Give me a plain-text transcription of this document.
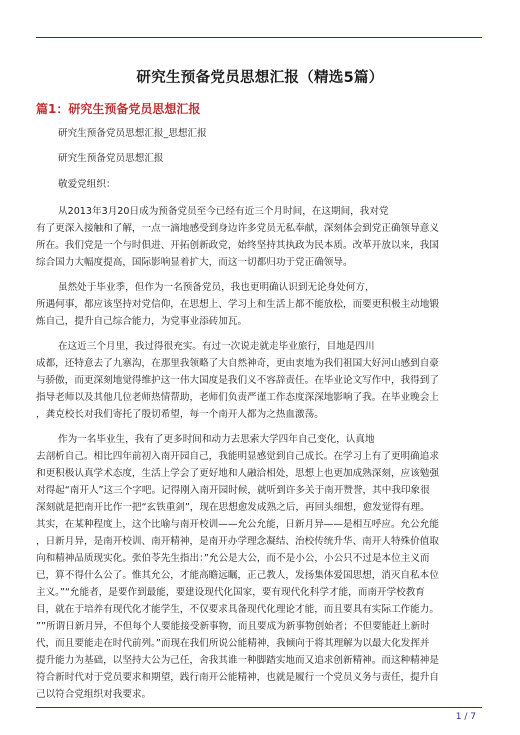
研究生预备党员思想汇报（精选5篇）
篇1：研究生预备党员思想汇报
研究生预备党员思想汇报_思想汇报
研究生预备党员思想汇报
敬爱党组织：
从2013年3月20日成为预备党员至今已经有近三个月时间，在这期间，我对党
有了更深入接触和了解，一点一滴地感受到身边许多党员无私奉献，深刻体会到党正确领导意义
所在。我们党是一个与时俱进、开拓创新政党，始终坚持其执政为民本质。改革开放以来，我国
综合国力大幅度提高，国际影响显着扩大，而这一切都归功于党正确领导。
虽然处于毕业季，但作为一名预备党员，我也更明确认识到无论身处何方，
所遇何事，都应该坚持对党信仰，在思想上、学习上和生活上都不能放松，而要更积极主动地锻
炼自己，提升自己综合能力，为党事业添砖加瓦。
在这近三个月里，我过得很充实。有过一次说走就走毕业旅行，目地是四川
成都，还特意去了九寨沟，在那里我领略了大自然神奇，更由衷地为我们祖国大好河山感到自豪
与骄傲，而更深刻地觉得维护这一伟大国度是我们义不容辞责任。在毕业论文写作中，我得到了
指导老师以及其他几位老师热情帮助，老师们负责严谨工作态度深深地影响了我。在毕业晚会上
，龚克校长对我们寄托了殷切希望，每一个南开人都为之热血激荡。
作为一名毕业生，我有了更多时间和动力去思索大学四年自己变化，认真地
去剖析自己。相比四年前初入南开园自己，我能明显感觉到自己成长。在学习上有了更明确追求
和更积极认真学术态度，生活上学会了更好地和人融洽相处，思想上也更加成熟深刻，应该勉强
对得起“南开人”这三个字吧。记得刚入南开园时候，就听到许多关于南开赞誉，其中我印象很
深刻就是把南开比作一把“玄铁重剑”，现在思想愈发成熟之后，再回头细想，愈发觉得有理。
其实，在某种程度上，这个比喻与南开校训——允公允能，日新月异——是相互呼应。允公允能
，日新月异，是南开校训、南开精神，是南开办学理念凝结、治校传统升华、南开人特殊价值取
向和精神品质现实化。张伯苓先生指出：”允公是大公，而不是小公，小公只不过是本位主义而
已，算不得什么公了。惟其允公，才能高瞻远瞩，正己教人，发扬集体爱国思想，消灭自私本位
主义。”“允能者，是要作到最能，要建设现代化国家，要有现代化科学才能，而南开学校教育
目，就在于培养有现代化才能学生，不仅要求具备现代化理论才能，而且要具有实际工作能力。
””所谓日新月异，不但每个人要能接受新事物，而且要成为新事物创始者；不但要能赶上新时
代，而且要能走在时代前列。”而现在我们所说公能精神，我倾向于将其理解为以最大化发挥并
提升能力为基础，以坚持大公为己任，舍我其谁一种脚踏实地而又追求创新精神。而这种精神是
符合新时代对于党员要求和期望，践行南开公能精神，也就是履行一个党员义务与责任，提升自
己以符合党组织对我要求。
1 / 7
